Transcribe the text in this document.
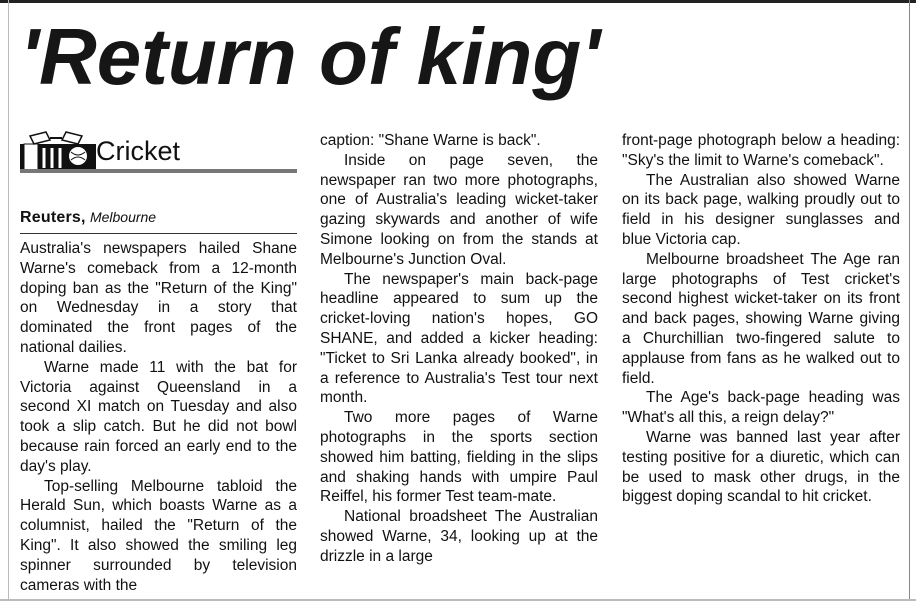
'Return of king'
Cricket
Reuters, Melbourne

Australia's newspapers hailed Shane Warne's comeback from a 12-month doping ban as the "Return of the King" on Wednesday in a story that dominated the front pages of the national dailies.

Warne made 11 with the bat for Victoria against Queensland in a second XI match on Tuesday and also took a slip catch. But he did not bowl because rain forced an early end to the day's play.

Top-selling Melbourne tabloid the Herald Sun, which boasts Warne as a columnist, hailed the "Return of the King". It also showed the smiling leg spinner surrounded by television cameras with the

caption: "Shane Warne is back".

Inside on page seven, the newspaper ran two more photographs, one of Australia's leading wicket-taker gazing skywards and another of wife Simone looking on from the stands at Melbourne's Junction Oval.

The newspaper's main back-page headline appeared to sum up the cricket-loving nation's hopes, GO SHANE, and added a kicker heading: "Ticket to Sri Lanka already booked", in a reference to Australia's Test tour next month.

Two more pages of Warne photographs in the sports section showed him batting, fielding in the slips and shaking hands with umpire Paul Reiffel, his former Test team-mate.

National broadsheet The Australian showed Warne, 34, looking up at the drizzle in a large

front-page photograph below a heading: "Sky's the limit to Warne's comeback".

The Australian also showed Warne on its back page, walking proudly out to field in his designer sunglasses and blue Victoria cap.

Melbourne broadsheet The Age ran large photographs of Test cricket's second highest wicket-taker on its front and back pages, showing Warne giving a Churchillian two-fingered salute to applause from fans as he walked out to field.

The Age's back-page heading was "What's all this, a reign delay?"

Warne was banned last year after testing positive for a diuretic, which can be used to mask other drugs, in the biggest doping scandal to hit cricket.
